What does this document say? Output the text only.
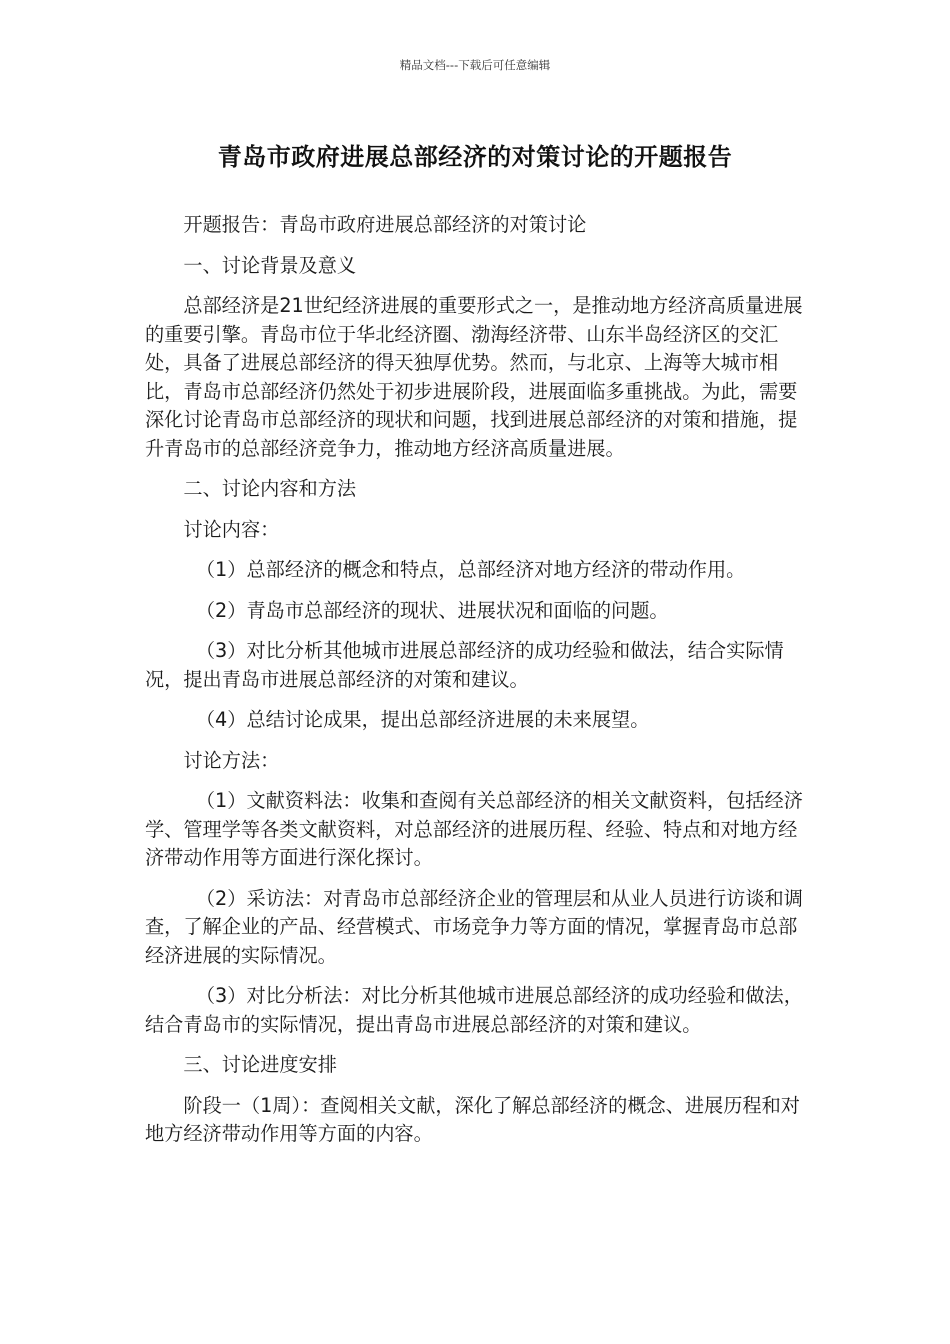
精品文档---下载后可任意编辑
青岛市政府进展总部经济的对策讨论的开题报告

开题报告：青岛市政府进展总部经济的对策讨论

一、讨论背景及意义

总部经济是21世纪经济进展的重要形式之一，是推动地方经济高质量进展的重要引擎。青岛市位于华北经济圈、渤海经济带、山东半岛经济区的交汇处，具备了进展总部经济的得天独厚优势。然而，与北京、上海等大城市相比，青岛市总部经济仍然处于初步进展阶段，进展面临多重挑战。为此，需要深化讨论青岛市总部经济的现状和问题，找到进展总部经济的对策和措施，提升青岛市的总部经济竞争力，推动地方经济高质量进展。

二、讨论内容和方法

讨论内容：

（1）总部经济的概念和特点，总部经济对地方经济的带动作用。

（2）青岛市总部经济的现状、进展状况和面临的问题。

（3）对比分析其他城市进展总部经济的成功经验和做法，结合实际情况，提出青岛市进展总部经济的对策和建议。

（4）总结讨论成果，提出总部经济进展的未来展望。

讨论方法：

（1）文献资料法：收集和查阅有关总部经济的相关文献资料，包括经济学、管理学等各类文献资料，对总部经济的进展历程、经验、特点和对地方经济带动作用等方面进行深化探讨。

（2）采访法：对青岛市总部经济企业的管理层和从业人员进行访谈和调查，了解企业的产品、经营模式、市场竞争力等方面的情况，掌握青岛市总部经济进展的实际情况。

（3）对比分析法：对比分析其他城市进展总部经济的成功经验和做法，结合青岛市的实际情况，提出青岛市进展总部经济的对策和建议。

三、讨论进度安排

阶段一（1周）：查阅相关文献，深化了解总部经济的概念、进展历程和对地方经济带动作用等方面的内容。
